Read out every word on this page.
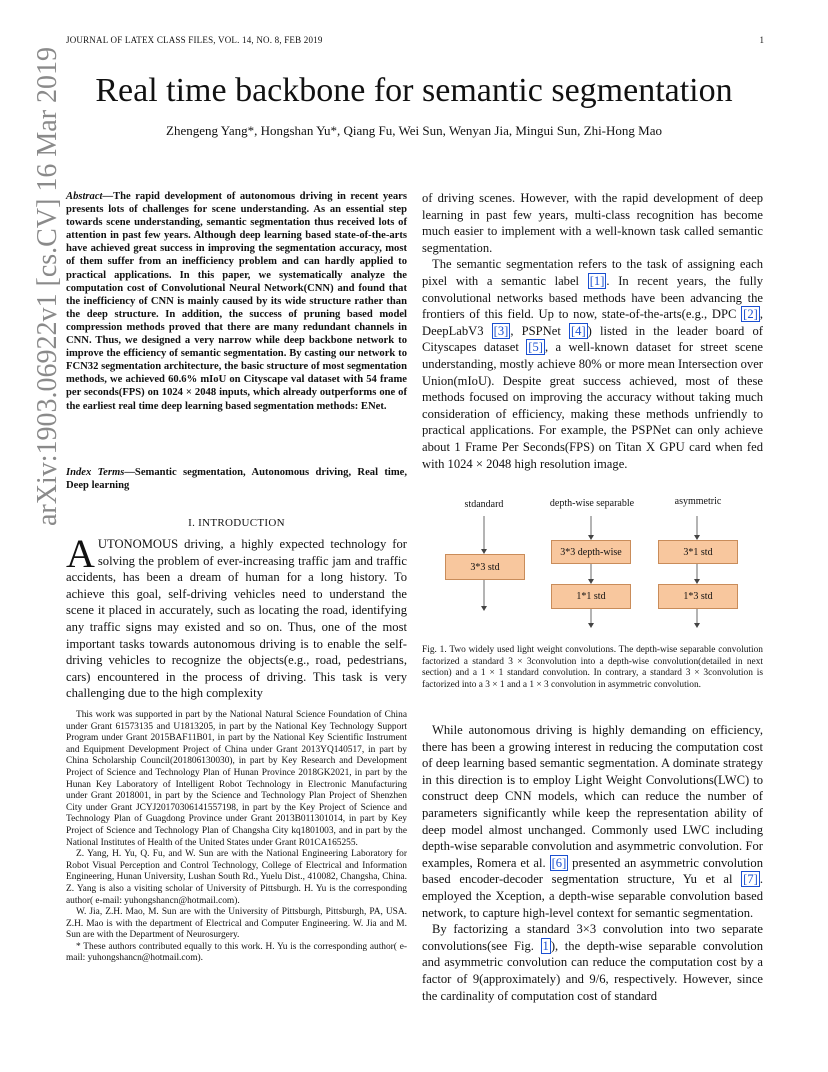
JOURNAL OF LATEX CLASS FILES, VOL. 14, NO. 8, FEB 2019	1
arXiv:1903.06922v1 [cs.CV] 16 Mar 2019 Real time backbone for semantic segmentation
Zhengeng Yang*, Hongshan Yu*, Qiang Fu, Wei Sun, Wenyan Jia, Mingui Sun, Zhi-Hong Mao
Abstract—The rapid development of autonomous driving in recent years presents lots of challenges for scene understanding. As an essential step towards scene understanding, semantic segmentation thus received lots of attention in past few years. Although deep learning based state-of-the-arts have achieved great success in improving the segmentation accuracy, most of them suffer from an inefficiency problem and can hardly applied to practical applications. In this paper, we systematically analyze the computation cost of Convolutional Neural Network(CNN) and found that the inefficiency of CNN is mainly caused by its wide structure rather than the deep structure. In addition, the success of pruning based model compression methods proved that there are many redundant channels in CNN. Thus, we designed a very narrow while deep backbone network to improve the efficiency of semantic segmentation. By casting our network to FCN32 segmentation architecture, the basic structure of most segmentation methods, we achieved 60.6% mIoU on Cityscape val dataset with 54 frame per seconds(FPS) on 1024 × 2048 inputs, which already outperforms one of the earliest real time deep learning based segmentation methods: ENet.
Index Terms—Semantic segmentation, Autonomous driving, Real time, Deep learning
I. INTRODUCTION
AUTONOMOUS driving, a highly expected technology for solving the problem of ever-increasing traffic jam and traffic accidents, has been a dream of human for a long history. To achieve this goal, self-driving vehicles need to understand the scene it placed in accurately, such as locating the road, identifying any traffic signs may existed and so on. Thus, one of the most important tasks towards autonomous driving is to enable the self-driving vehicles to recognize the objects(e.g., road, pedestrians, cars) encountered in the process of driving. This task is very challenging due to the high complexity

This work was supported in part by the National Natural Science Foundation of China under Grant 61573135 and U1813205, in part by the National Key Technology Support Program under Grant 2015BAF11B01, in part by the National Key Scientific Instrument and Equipment Development Project of China under Grant 2013YQ140517, in part by China Scholarship Council(201806130030), in part by Key Research and Development Project of Science and Technology Plan of Hunan Province 2018GK2021, in part by the Hunan Key Laboratory of Intelligent Robot Technology in Electronic Manufacturing under Grant 2018001, in part by the Science and Technology Plan Project of Shenzhen City under Grant JCYJ20170306141557198, in part by the Key Project of Science and Technology Plan of Guagdong Province under Grant 2013B011301014, in part by Key Project of Science and Technology Plan of Changsha City kq1801003, and in part by the National Institutes of Health of the United States under Grant R01CA165255.

Z. Yang, H. Yu, Q. Fu, and W. Sun are with the National Engineering Laboratory for Robot Visual Perception and Control Technology, College of Electrical and Information Engineering, Hunan University, Lushan South Rd., Yuelu Dist., 410082, Changsha, China. Z. Yang is also a visiting scholar of University of Pittsburgh. H. Yu is the corresponding author( e-mail: yuhongshancn@hotmail.com).

W. Jia, Z.H. Mao, M. Sun are with the University of Pittsburgh, Pittsburgh, PA, USA. Z.H. Mao is with the department of Electrical and Computer Engineering. W. Jia and M. Sun are with the Department of Neurosurgery.

* These authors contributed equally to this work. H. Yu is the corresponding author( e-mail: yuhongshancn@hotmail.com).

of driving scenes. However, with the rapid development of deep learning in past few years, multi-class recognition has become much easier to implement with a well-known task called semantic segmentation.

The semantic segmentation refers to the task of assigning each pixel with a semantic label [1] . In recent years, the fully convolutional networks based methods have been advancing the frontiers of this field. Up to now, state-of-the-arts(e.g., DPC [2] , DeepLabV3 [3] , PSPNet [4] ) listed in the leader board of Cityscapes dataset [5] , a well-known dataset for street scene understanding, mostly achieve 80% or more mean Intersection over Union(mIoU). Despite great success achieved, most of these methods focused on improving the accuracy without taking much consideration of efficiency, making these methods unfriendly to practical applications. For example, the PSPNet can only achieve about 1 Frame Per Seconds(FPS) on Titan X GPU card when fed with 1024 × 2048 high resolution image.

stdandard	depth-wise separable	asymmetric
3*3 std
3*3 depth-wise
1*1 std
3*1 std
1*3 std
Fig. 1. Two widely used light weight convolutions. The depth-wise separable convolution factorized a standard 3 × 3convolution into a depth-wise convolution(detailed in next section) and a 1 × 1 standard convolution. In contrary, a standard 3 × 3convolution is factorized into a 3 × 1 and a 1 × 3 convolution in asymmetric convolution.

While autonomous driving is highly demanding on efficiency, there has been a growing interest in reducing the computation cost of deep learning based semantic segmentation. A dominate strategy in this direction is to employ Light Weight Convolutions(LWC) to construct deep CNN models, which can reduce the number of parameters significantly while keep the representation ability of deep model almost unchanged. Commonly used LWC including depth-wise separable convolution and asymmetric convolution. For examples, Romera et al. [6] presented an asymmetric convolution based encoder-decoder segmentation structure, Yu et al [7] . employed the Xception, a depth-wise separable convolution based network, to capture high-level context for semantic segmentation.

By factorizing a standard 3×3 convolution into two separate convolutions(see Fig. 1 ), the depth-wise separable convolution and asymmetric convolution can reduce the computation cost by a factor of 9(approximately) and 9/6, respectively. However, since the cardinality of computation cost of standard
